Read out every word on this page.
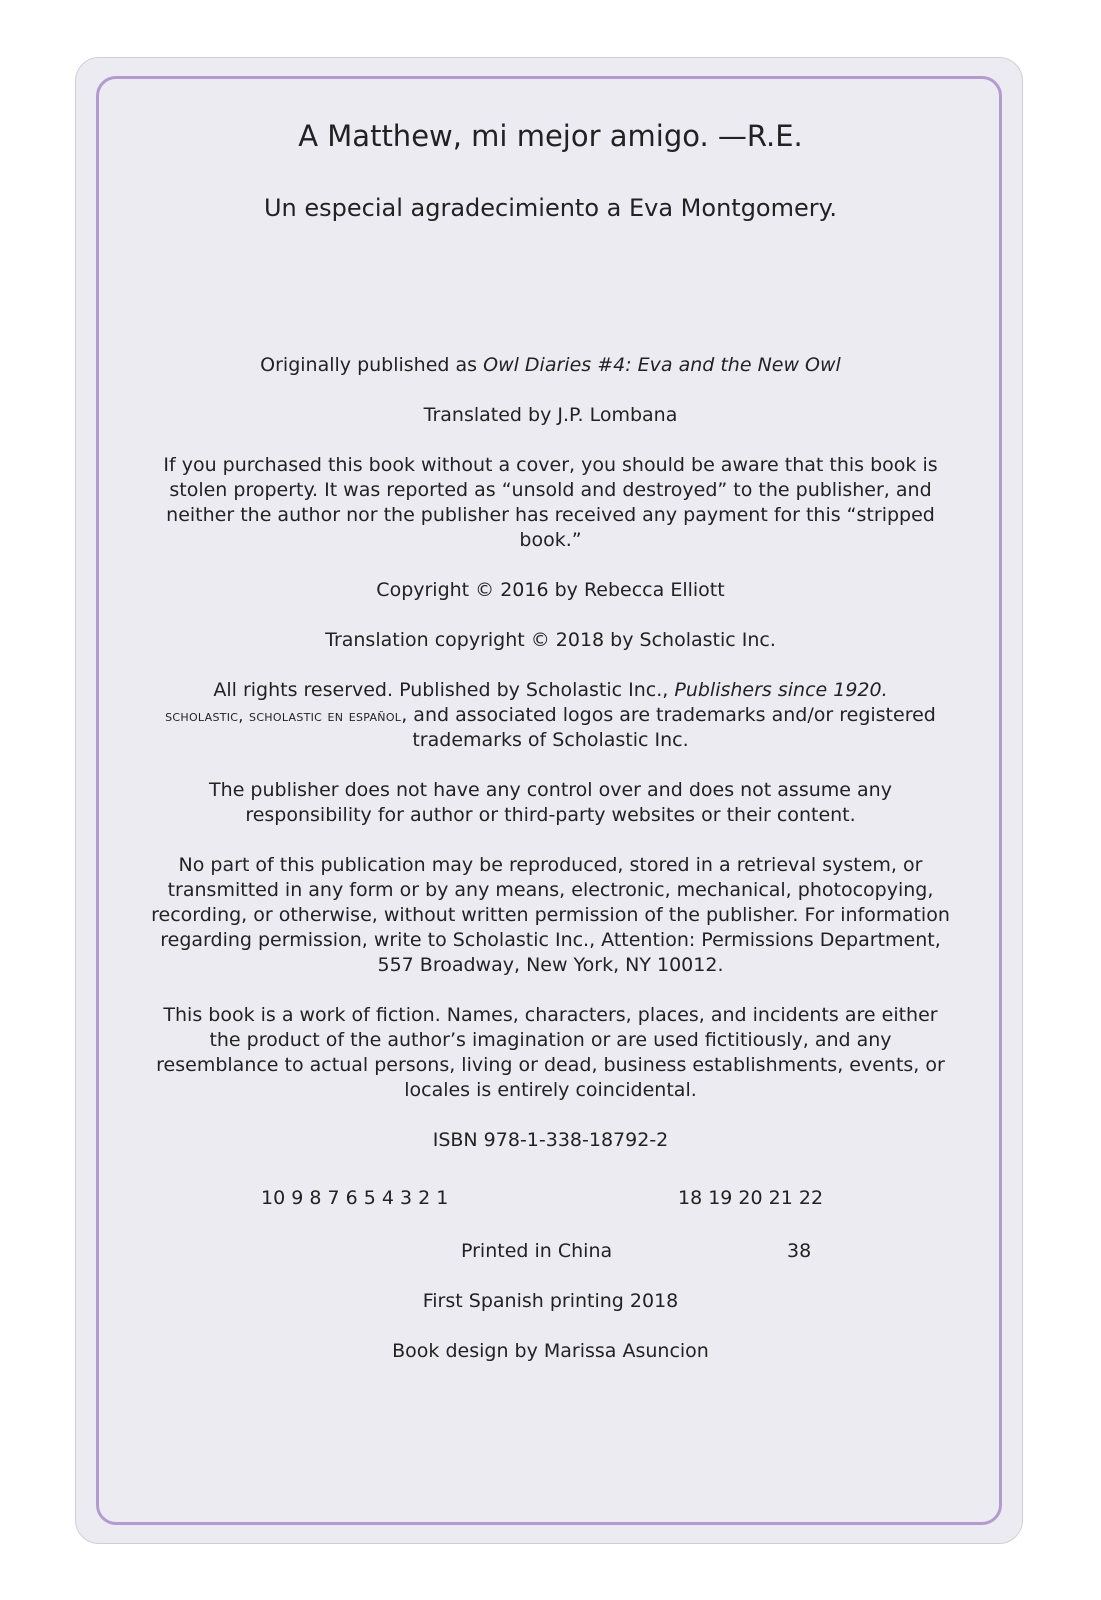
A Matthew, mi mejor amigo. —R.E.
Un especial agradecimiento a Eva Montgomery.

Originally published as Owl Diaries #4: Eva and the New Owl

Translated by J.P. Lombana

If you purchased this book without a cover, you should be aware that this book is stolen property. It was reported as “unsold and destroyed” to the publisher, and neither the author nor the publisher has received any payment for this “stripped book.”

Copyright © 2016 by Rebecca Elliott

Translation copyright © 2018 by Scholastic Inc.

All rights reserved. Published by Scholastic Inc., Publishers since 1920.
scholastic, scholastic en español, and associated logos are trademarks and/or registered trademarks of Scholastic Inc.

The publisher does not have any control over and does not assume any responsibility for author or third-party websites or their content.

No part of this publication may be reproduced, stored in a retrieval system, or transmitted in any form or by any means, electronic, mechanical, photocopying, recording, or otherwise, without written permission of the publisher. For information regarding permission, write to Scholastic Inc., Attention: Permissions Department, 557 Broadway, New York, NY 10012.

This book is a work of fiction. Names, characters, places, and incidents are either the product of the author’s imagination or are used fictitiously, and any resemblance to actual persons, living or dead, business establishments, events, or locales is entirely coincidental.

ISBN 978-1-338-18792-2

10 9 8 7 6 5 4 3 2 1	18 19 20 21 22
Printed in China	38
First Spanish printing 2018
Book design by Marissa Asuncion
